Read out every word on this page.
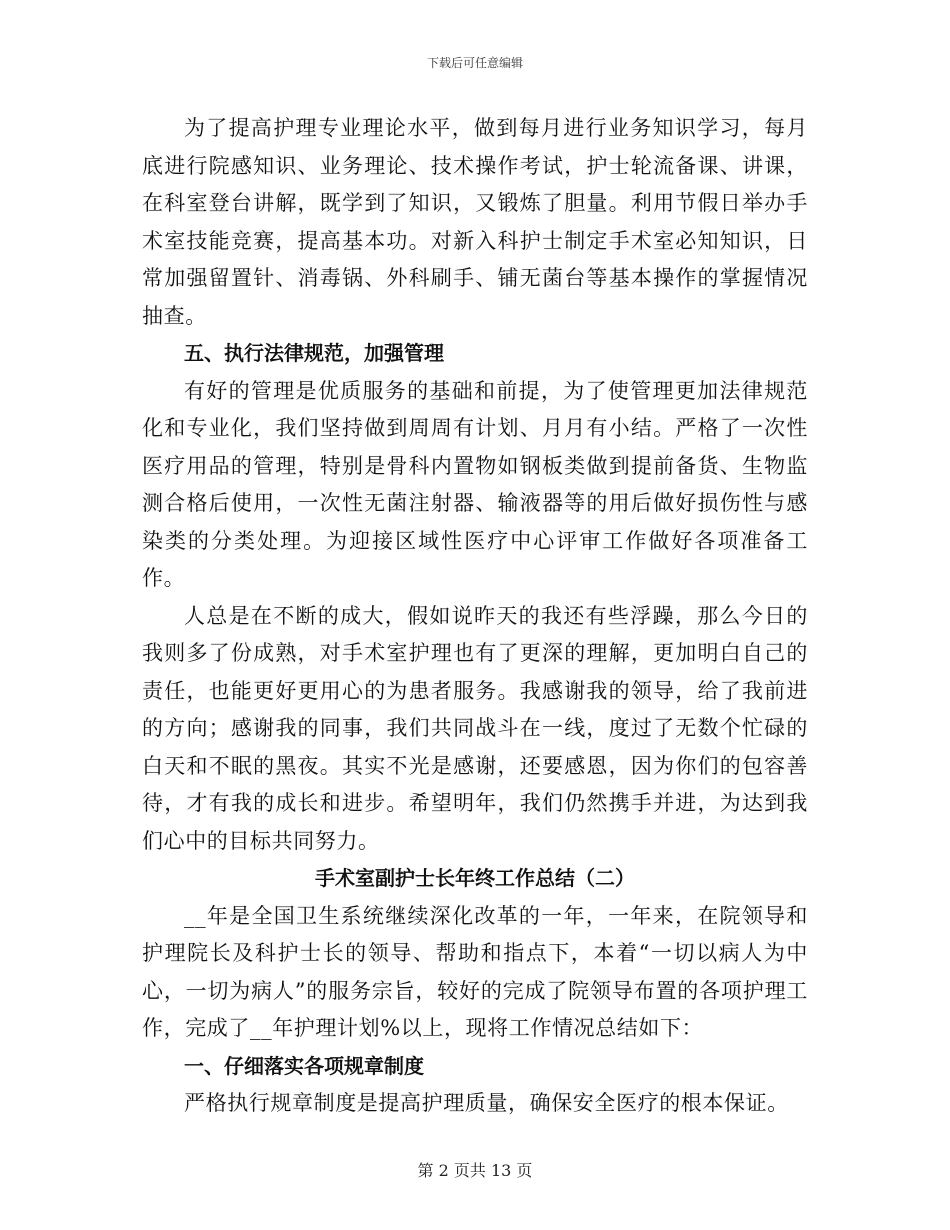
下载后可任意编辑

为了提高护理专业理论水平，做到每月进行业务知识学习，每月底进行院感知识、业务理论、技术操作考试，护士轮流备课、讲课，在科室登台讲解，既学到了知识，又锻炼了胆量。利用节假日举办手术室技能竞赛，提高基本功。对新入科护士制定手术室必知知识，日常加强留置针、消毒锅、外科刷手、铺无菌台等基本操作的掌握情况抽查。

五、执行法律规范，加强管理

有好的管理是优质服务的基础和前提，为了使管理更加法律规范化和专业化，我们坚持做到周周有计划、月月有小结。严格了一次性医疗用品的管理，特别是骨科内置物如钢板类做到提前备货、生物监测合格后使用，一次性无菌注射器、输液器等的用后做好损伤性与感染类的分类处理。为迎接区域性医疗中心评审工作做好各项准备工作。

人总是在不断的成大，假如说昨天的我还有些浮躁，那么今日的我则多了份成熟，对手术室护理也有了更深的理解，更加明白自己的责任，也能更好更用心的为患者服务。我感谢我的领导，给了我前进的方向；感谢我的同事，我们共同战斗在一线，度过了无数个忙碌的白天和不眠的黑夜。其实不光是感谢，还要感恩，因为你们的包容善待，才有我的成长和进步。希望明年，我们仍然携手并进，为达到我们心中的目标共同努力。

手术室副护士长年终工作总结（二）

__年是全国卫生系统继续深化改革的一年，一年来，在院领导和护理院长及科护士长的领导、帮助和指点下，本着“一切以病人为中心，一切为病人”的服务宗旨，较好的完成了院领导布置的各项护理工作，完成了__年护理计划%以上，现将工作情况总结如下：

一、仔细落实各项规章制度

严格执行规章制度是提高护理质量，确保安全医疗的根本保证。

第 2 页共 13 页
